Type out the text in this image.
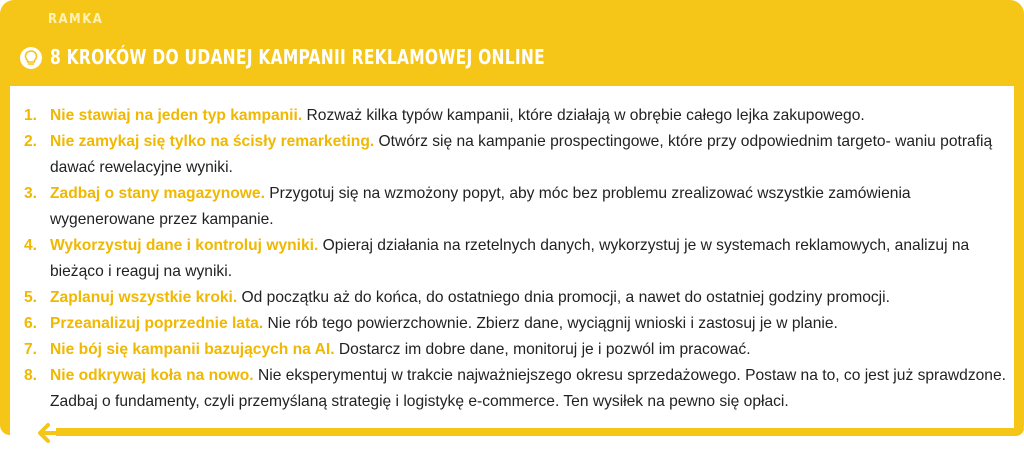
RAMKA
8 KROKÓW DO UDANEJ KAMPANII REKLAMOWEJ ONLINE
1. Nie stawiaj na jeden typ kampanii. Rozważ kilka typów kampanii, które działają w obrębie całego lejka zakupowego.
2. Nie zamykaj się tylko na ścisły remarketing. Otwórz się na kampanie prospectingowe, które przy odpowiednim targeto- waniu potrafią dawać rewelacyjne wyniki.
3. Zadbaj o stany magazynowe. Przygotuj się na wzmożony popyt, aby móc bez problemu zrealizować wszystkie zamówienia wygenerowane przez kampanie.
4. Wykorzystuj dane i kontroluj wyniki. Opieraj działania na rzetelnych danych, wykorzystuj je w systemach reklamowych, analizuj na bieżąco i reaguj na wyniki.
5. Zaplanuj wszystkie kroki. Od początku aż do końca, do ostatniego dnia promocji, a nawet do ostatniej godziny promocji.
6. Przeanalizuj poprzednie lata. Nie rób tego powierzchownie. Zbierz dane, wyciągnij wnioski i zastosuj je w planie.
7. Nie bój się kampanii bazujących na AI. Dostarcz im dobre dane, monitoruj je i pozwól im pracować.
8. Nie odkrywaj koła na nowo. Nie eksperymentuj w trakcie najważniejszego okresu sprzedażowego. Postaw na to, co jest już sprawdzone. Zadbaj o fundamenty, czyli przemyślaną strategię i logistykę e-commerce. Ten wysiłek na pewno się opłaci.
